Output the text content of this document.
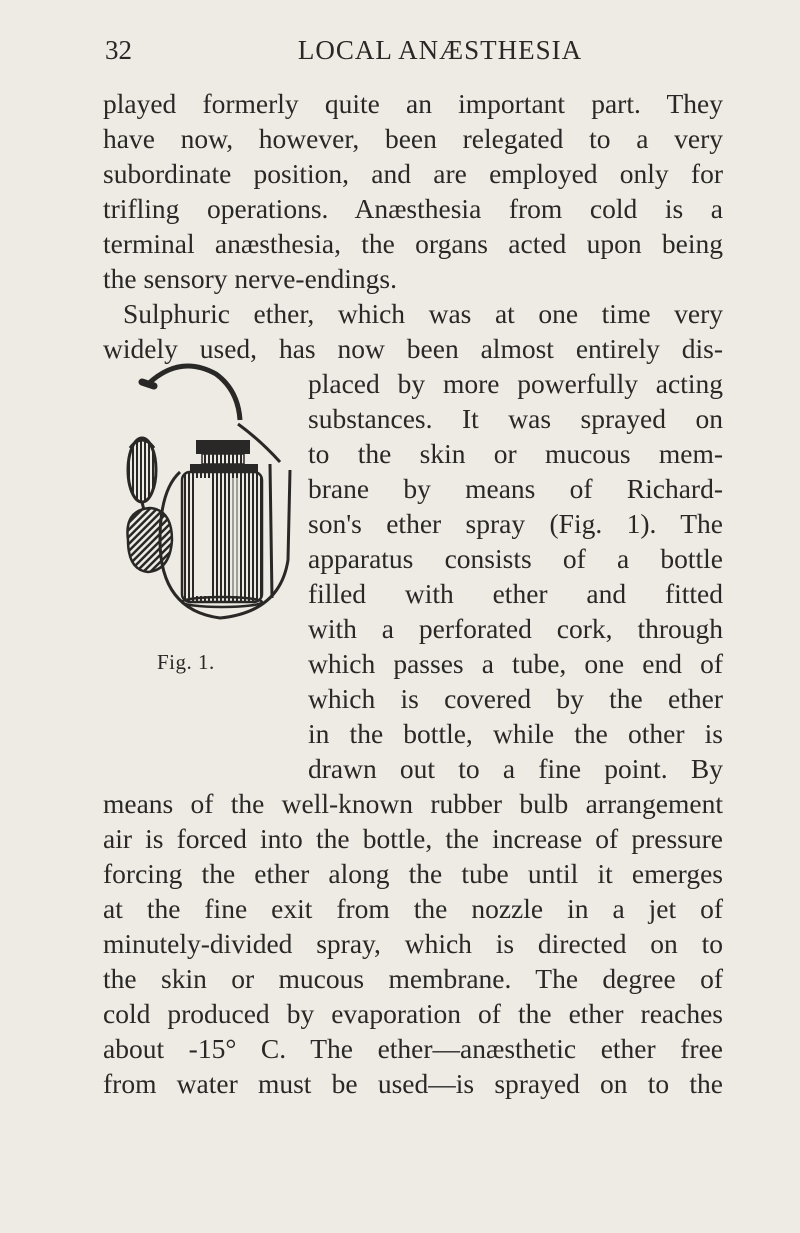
32	LOCAL ANÆSTHESIA
played formerly quite an important part. They
have now, however, been relegated to a very
subordinate position, and are employed only for
trifling operations. Anæsthesia from cold is a
terminal anæsthesia, the organs acted upon being
the sensory nerve-endings.
Sulphuric ether, which was at one time very
widely used, has now been almost entirely dis-
placed by more powerfully acting
substances. It was sprayed on
to the skin or mucous mem-
brane by means of Richard-
son's ether spray (Fig. 1). The
apparatus consists of a bottle
filled with ether and fitted
with a perforated cork, through
which passes a tube, one end of
which is covered by the ether
in the bottle, while the other is
drawn out to a fine point. By
means of the well-known rubber bulb arrangement
air is forced into the bottle, the increase of pressure
forcing the ether along the tube until it emerges
at the fine exit from the nozzle in a jet of
minutely-divided spray, which is directed on to
the skin or mucous membrane. The degree of
cold produced by evaporation of the ether reaches
about -15° C. The ether—anæsthetic ether free
from water must be used—is sprayed on to the
Fig. 1.
